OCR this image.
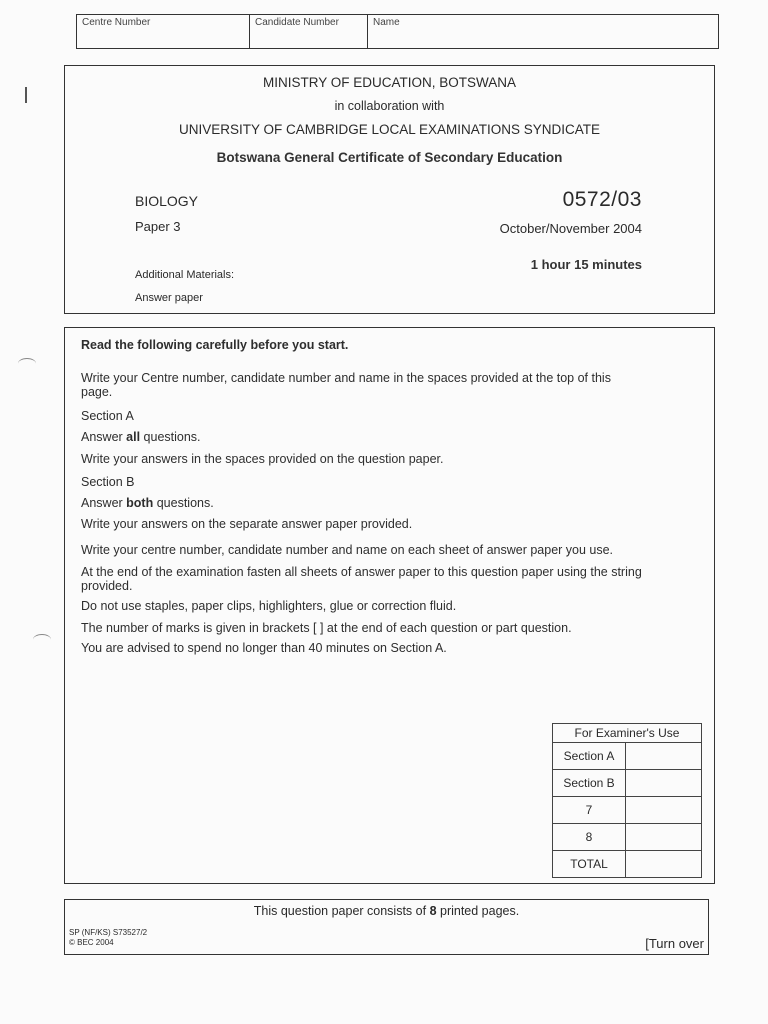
Centre Number	Candidate Number	Name
MINISTRY OF EDUCATION, BOTSWANA
in collaboration with
UNIVERSITY OF CAMBRIDGE LOCAL EXAMINATIONS SYNDICATE
Botswana General Certificate of Secondary Education
BIOLOGY	0572/03
Paper 3	October/November 2004
1 hour 15 minutes
Additional Materials:
Answer paper
Read the following carefully before you start.
Write your Centre number, candidate number and name in the spaces provided at the top of this
page.
Section A
Answer all questions.
Write your answers in the spaces provided on the question paper.
Section B
Answer both questions.
Write your answers on the separate answer paper provided.
Write your centre number, candidate number and name on each sheet of answer paper you use.
At the end of the examination fasten all sheets of answer paper to this question paper using the string
provided.
Do not use staples, paper clips, highlighters, glue or correction fluid.
The number of marks is given in brackets [ ] at the end of each question or part question.
You are advised to spend no longer than 40 minutes on Section A.
For Examiner's Use	
Section A	
Section B	
7	
8	
TOTAL	
This question paper consists of 8 printed pages.
SP (NF/KS) S73527/2
© BEC 2004	[Turn over
